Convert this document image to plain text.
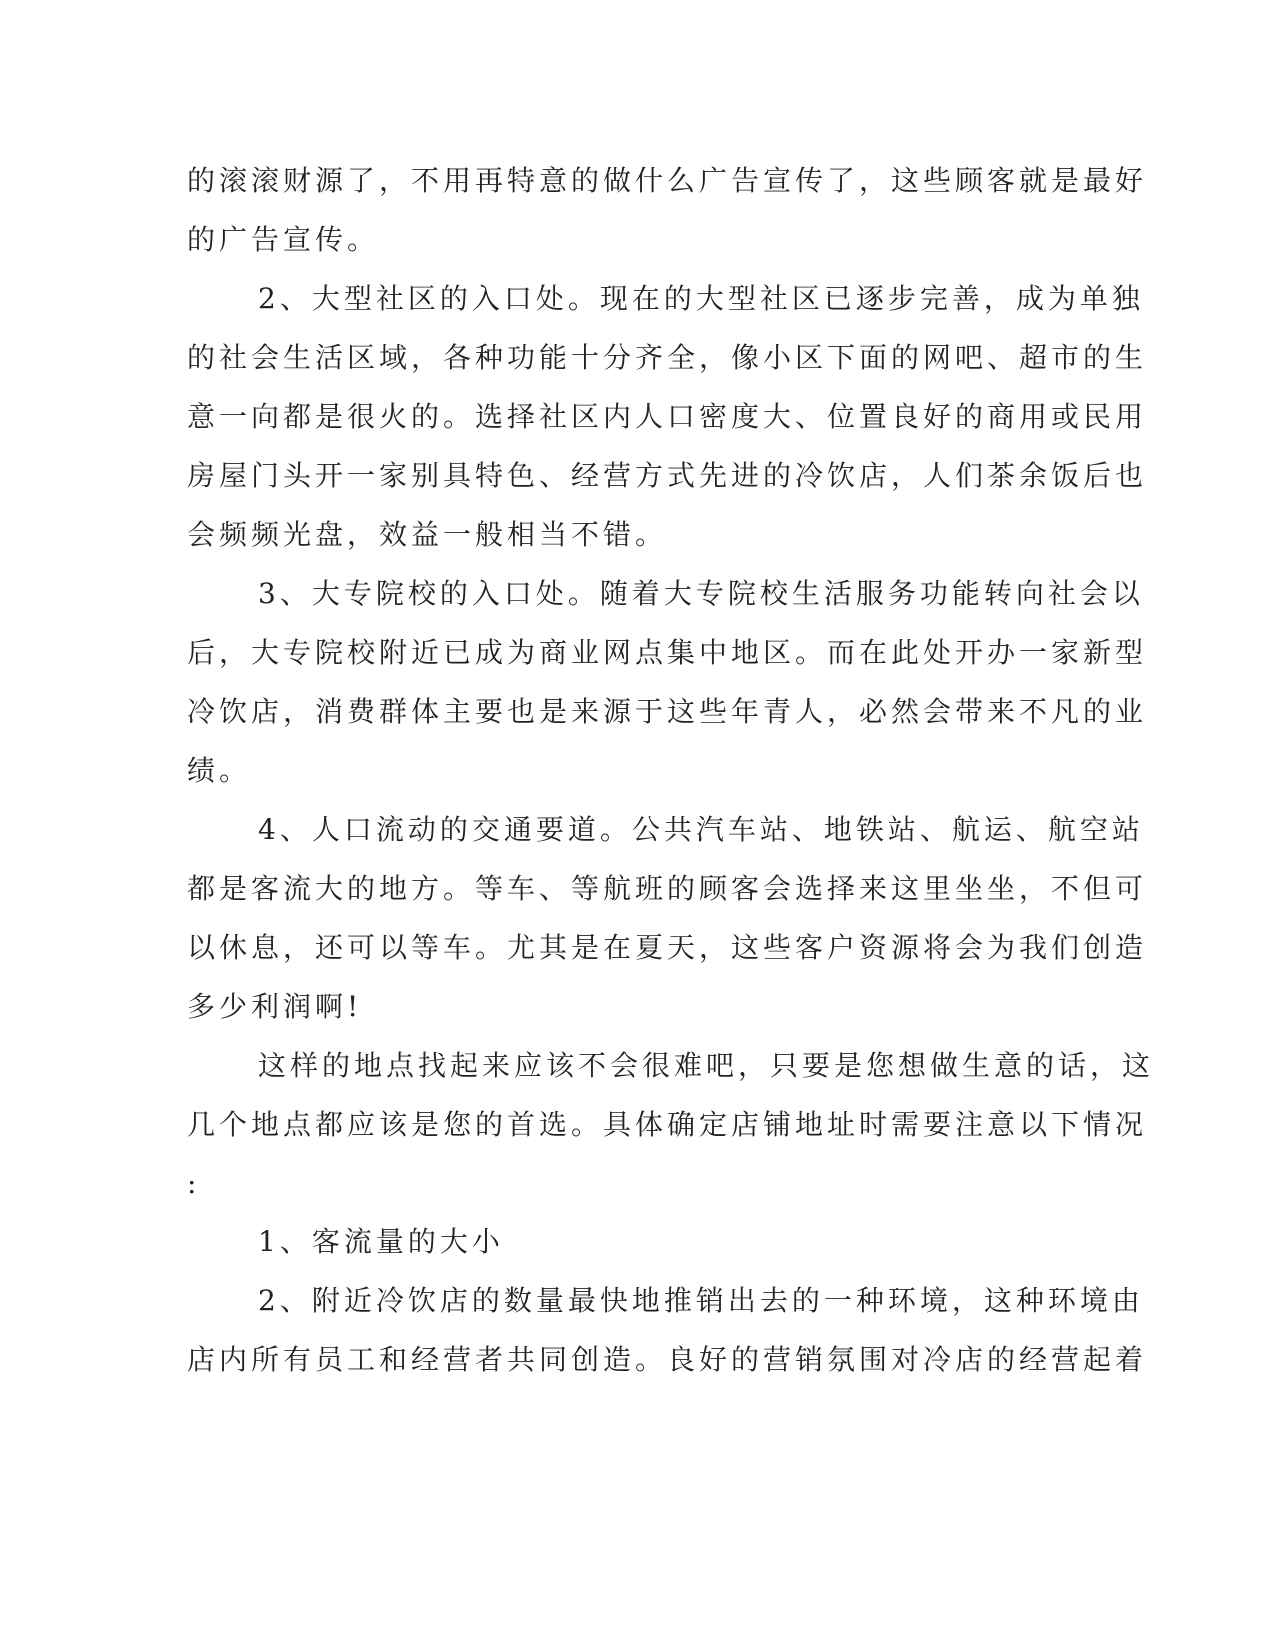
的滚滚财源了，不用再特意的做什么广告宣传了，这些顾客就是最好
的广告宣传。
2、大型社区的入口处。现在的大型社区已逐步完善，成为单独
的社会生活区域，各种功能十分齐全，像小区下面的网吧、超市的生
意一向都是很火的。选择社区内人口密度大、位置良好的商用或民用
房屋门头开一家别具特色、经营方式先进的冷饮店，人们茶余饭后也
会频频光盘，效益一般相当不错。
3、大专院校的入口处。随着大专院校生活服务功能转向社会以
后，大专院校附近已成为商业网点集中地区。而在此处开办一家新型
冷饮店，消费群体主要也是来源于这些年青人，必然会带来不凡的业
绩。
4、人口流动的交通要道。公共汽车站、地铁站、航运、航空站
都是客流大的地方。等车、等航班的顾客会选择来这里坐坐，不但可
以休息，还可以等车。尤其是在夏天，这些客户资源将会为我们创造
多少利润啊!
这样的地点找起来应该不会很难吧，只要是您想做生意的话，这
几个地点都应该是您的首选。具体确定店铺地址时需要注意以下情况
:
1、客流量的大小
2、附近冷饮店的数量最快地推销出去的一种环境，这种环境由
店内所有员工和经营者共同创造。良好的营销氛围对冷店的经营起着
